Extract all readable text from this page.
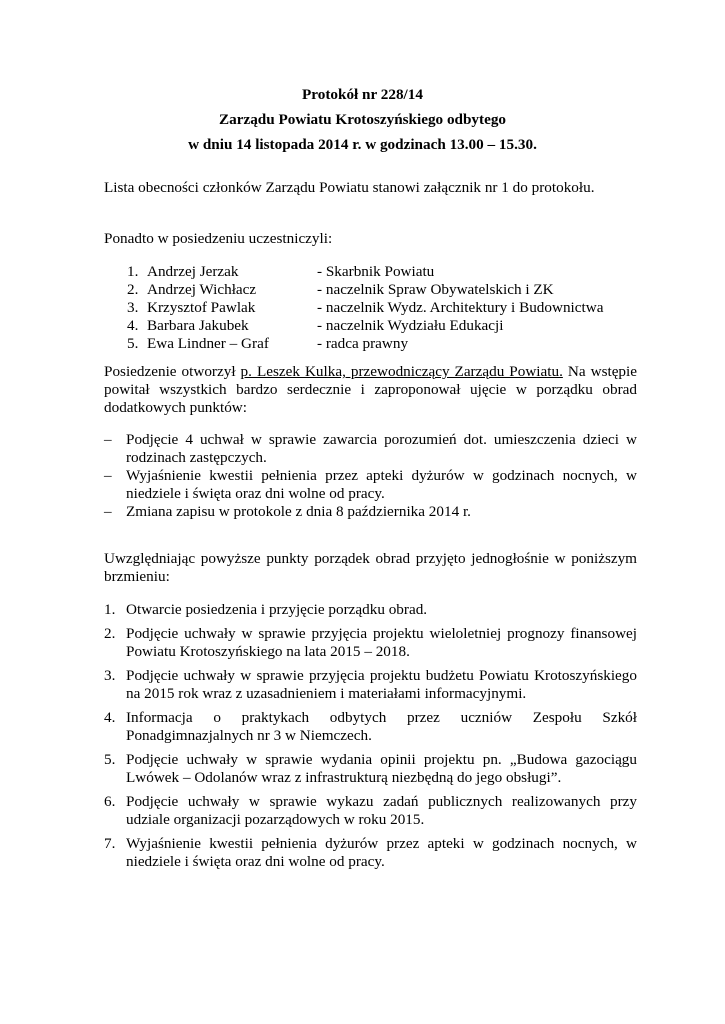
Protokół nr 228/14
Zarządu Powiatu Krotoszyńskiego odbytego
w dniu 14 listopada 2014 r. w godzinach 13.00 – 15.30.
Lista obecności członków Zarządu Powiatu stanowi załącznik nr 1 do protokołu.
Ponadto w posiedzeniu uczestniczyli:
1. Andrzej Jerzak	- Skarbnik Powiatu
2. Andrzej Wichłacz	- naczelnik Spraw Obywatelskich i ZK
3. Krzysztof Pawlak	- naczelnik Wydz. Architektury i Budownictwa
4. Barbara Jakubek	- naczelnik Wydziału Edukacji
5. Ewa Lindner – Graf	- radca prawny
Posiedzenie otworzył p. Leszek Kulka, przewodniczący Zarządu Powiatu. Na wstępie powitał wszystkich bardzo serdecznie i zaproponował ujęcie w porządku obrad dodatkowych punktów:
– Podjęcie 4 uchwał w sprawie zawarcia porozumień dot. umieszczenia dzieci w rodzinach zastępczych.
– Wyjaśnienie kwestii pełnienia przez apteki dyżurów w godzinach nocnych, w niedziele i święta oraz dni wolne od pracy.
– Zmiana zapisu w protokole z dnia 8 października 2014 r.
Uwzględniając powyższe punkty porządek obrad przyjęto jednogłośnie w poniższym brzmieniu:
1. Otwarcie posiedzenia i przyjęcie porządku obrad.
2. Podjęcie uchwały w sprawie przyjęcia projektu wieloletniej prognozy finansowej Powiatu Krotoszyńskiego na lata 2015 – 2018.
3. Podjęcie uchwały w sprawie przyjęcia projektu budżetu Powiatu Krotoszyńskiego na 2015 rok wraz z uzasadnieniem i materiałami informacyjnymi.
4. Informacja o praktykach odbytych przez uczniów Zespołu Szkół Ponadgimnazjalnych nr 3 w Niemczech.
5. Podjęcie uchwały w sprawie wydania opinii projektu pn. „Budowa gazociągu Lwówek – Odolanów wraz z infrastrukturą niezbędną do jego obsługi”.
6. Podjęcie uchwały w sprawie wykazu zadań publicznych realizowanych przy udziale organizacji pozarządowych w roku 2015.
7. Wyjaśnienie kwestii pełnienia dyżurów przez apteki w godzinach nocnych, w niedziele i święta oraz dni wolne od pracy.
